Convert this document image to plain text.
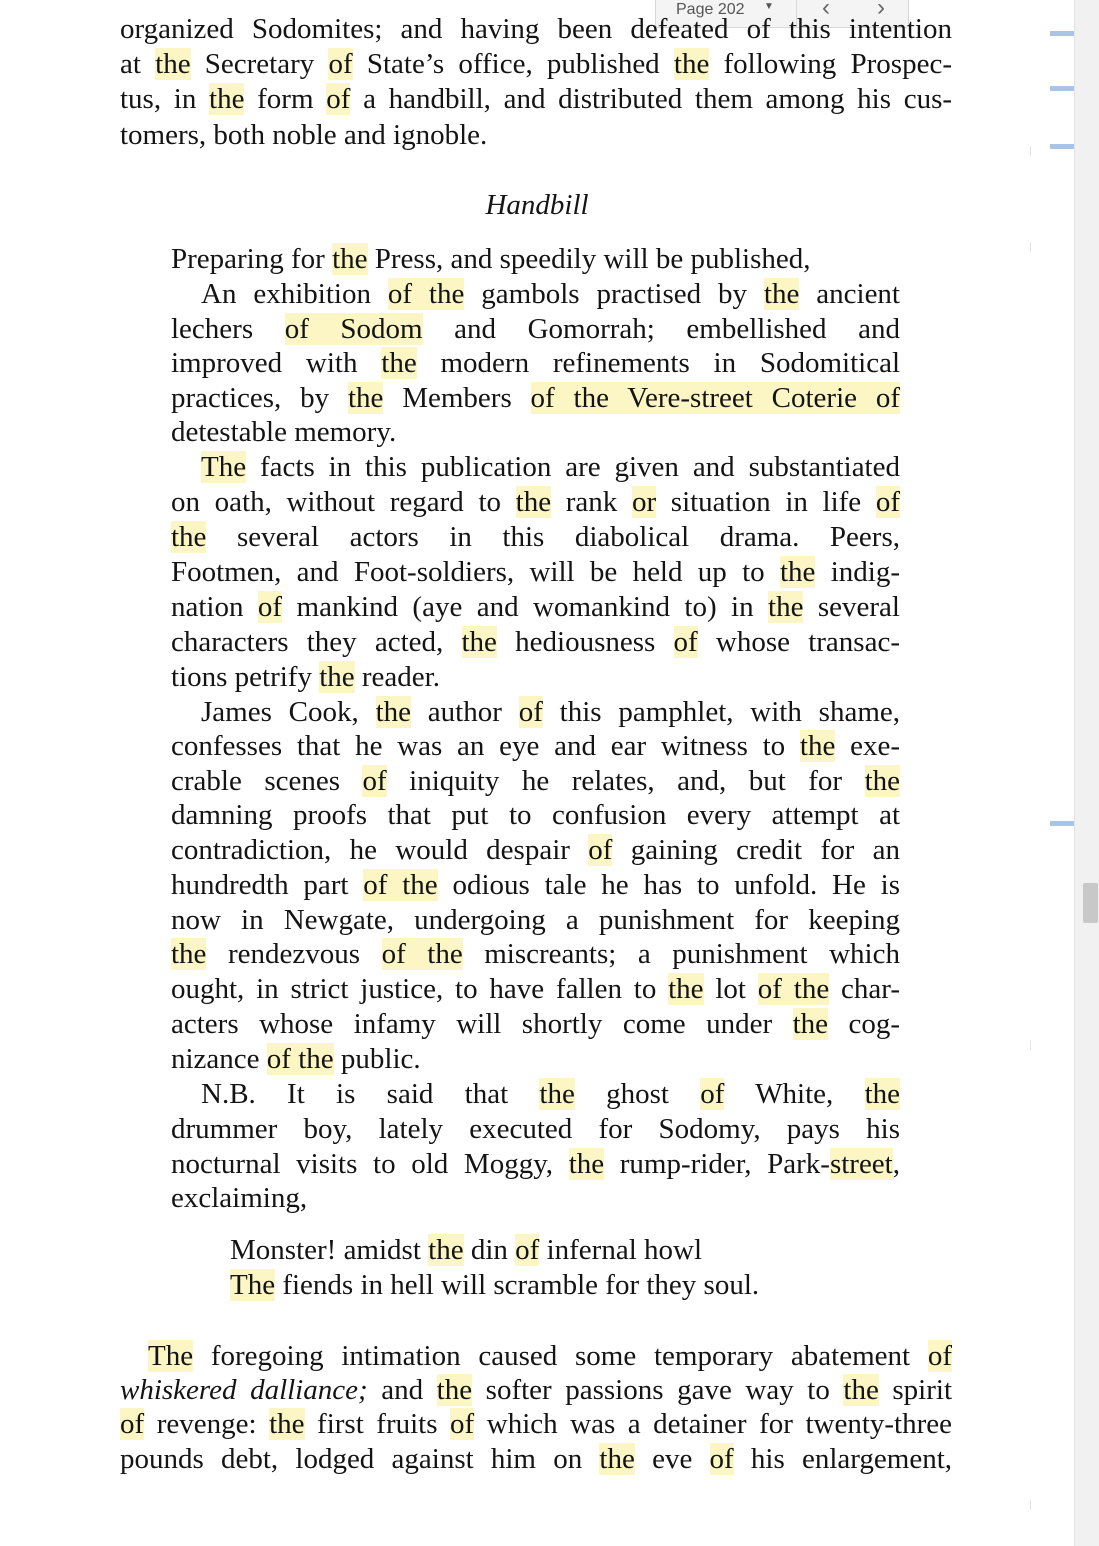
Page 202	▼	‹	›
organized Sodomites; and having been defeated of this intention
at the Secretary of State’s office, published the following Prospec-
tus, in the form of a handbill, and distributed them among his cus-
tomers, both noble and ignoble.
Handbill
Preparing for the Press, and speedily will be published,
An exhibition of the gambols practised by the ancient
lechers of Sodom and Gomorrah; embellished and
improved with the modern refinements in Sodomitical
practices, by the Members of the Vere-street Coterie of
detestable memory.
The facts in this publication are given and substantiated
on oath, without regard to the rank or situation in life of
the several actors in this diabolical drama. Peers,
Footmen, and Foot-soldiers, will be held up to the indig-
nation of mankind (aye and womankind to) in the several
characters they acted, the hediousness of whose transac-
tions petrify the reader.
James Cook, the author of this pamphlet, with shame,
confesses that he was an eye and ear witness to the exe-
crable scenes of iniquity he relates, and, but for the
damning proofs that put to confusion every attempt at
contradiction, he would despair of gaining credit for an
hundredth part of the odious tale he has to unfold. He is
now in Newgate, undergoing a punishment for keeping
the rendezvous of the miscreants; a punishment which
ought, in strict justice, to have fallen to the lot of the char-
acters whose infamy will shortly come under the cog-
nizance of the public.
N.B. It is said that the ghost of White, the
drummer boy, lately executed for Sodomy, pays his
nocturnal visits to old Moggy, the rump-rider, Park-street,
exclaiming,
Monster! amidst the din of infernal howl
The fiends in hell will scramble for they soul.
The foregoing intimation caused some temporary abatement of
whiskered dalliance; and the softer passions gave way to the spirit
of revenge: the first fruits of which was a detainer for twenty-three
pounds debt, lodged against him on the eve of his enlargement,
